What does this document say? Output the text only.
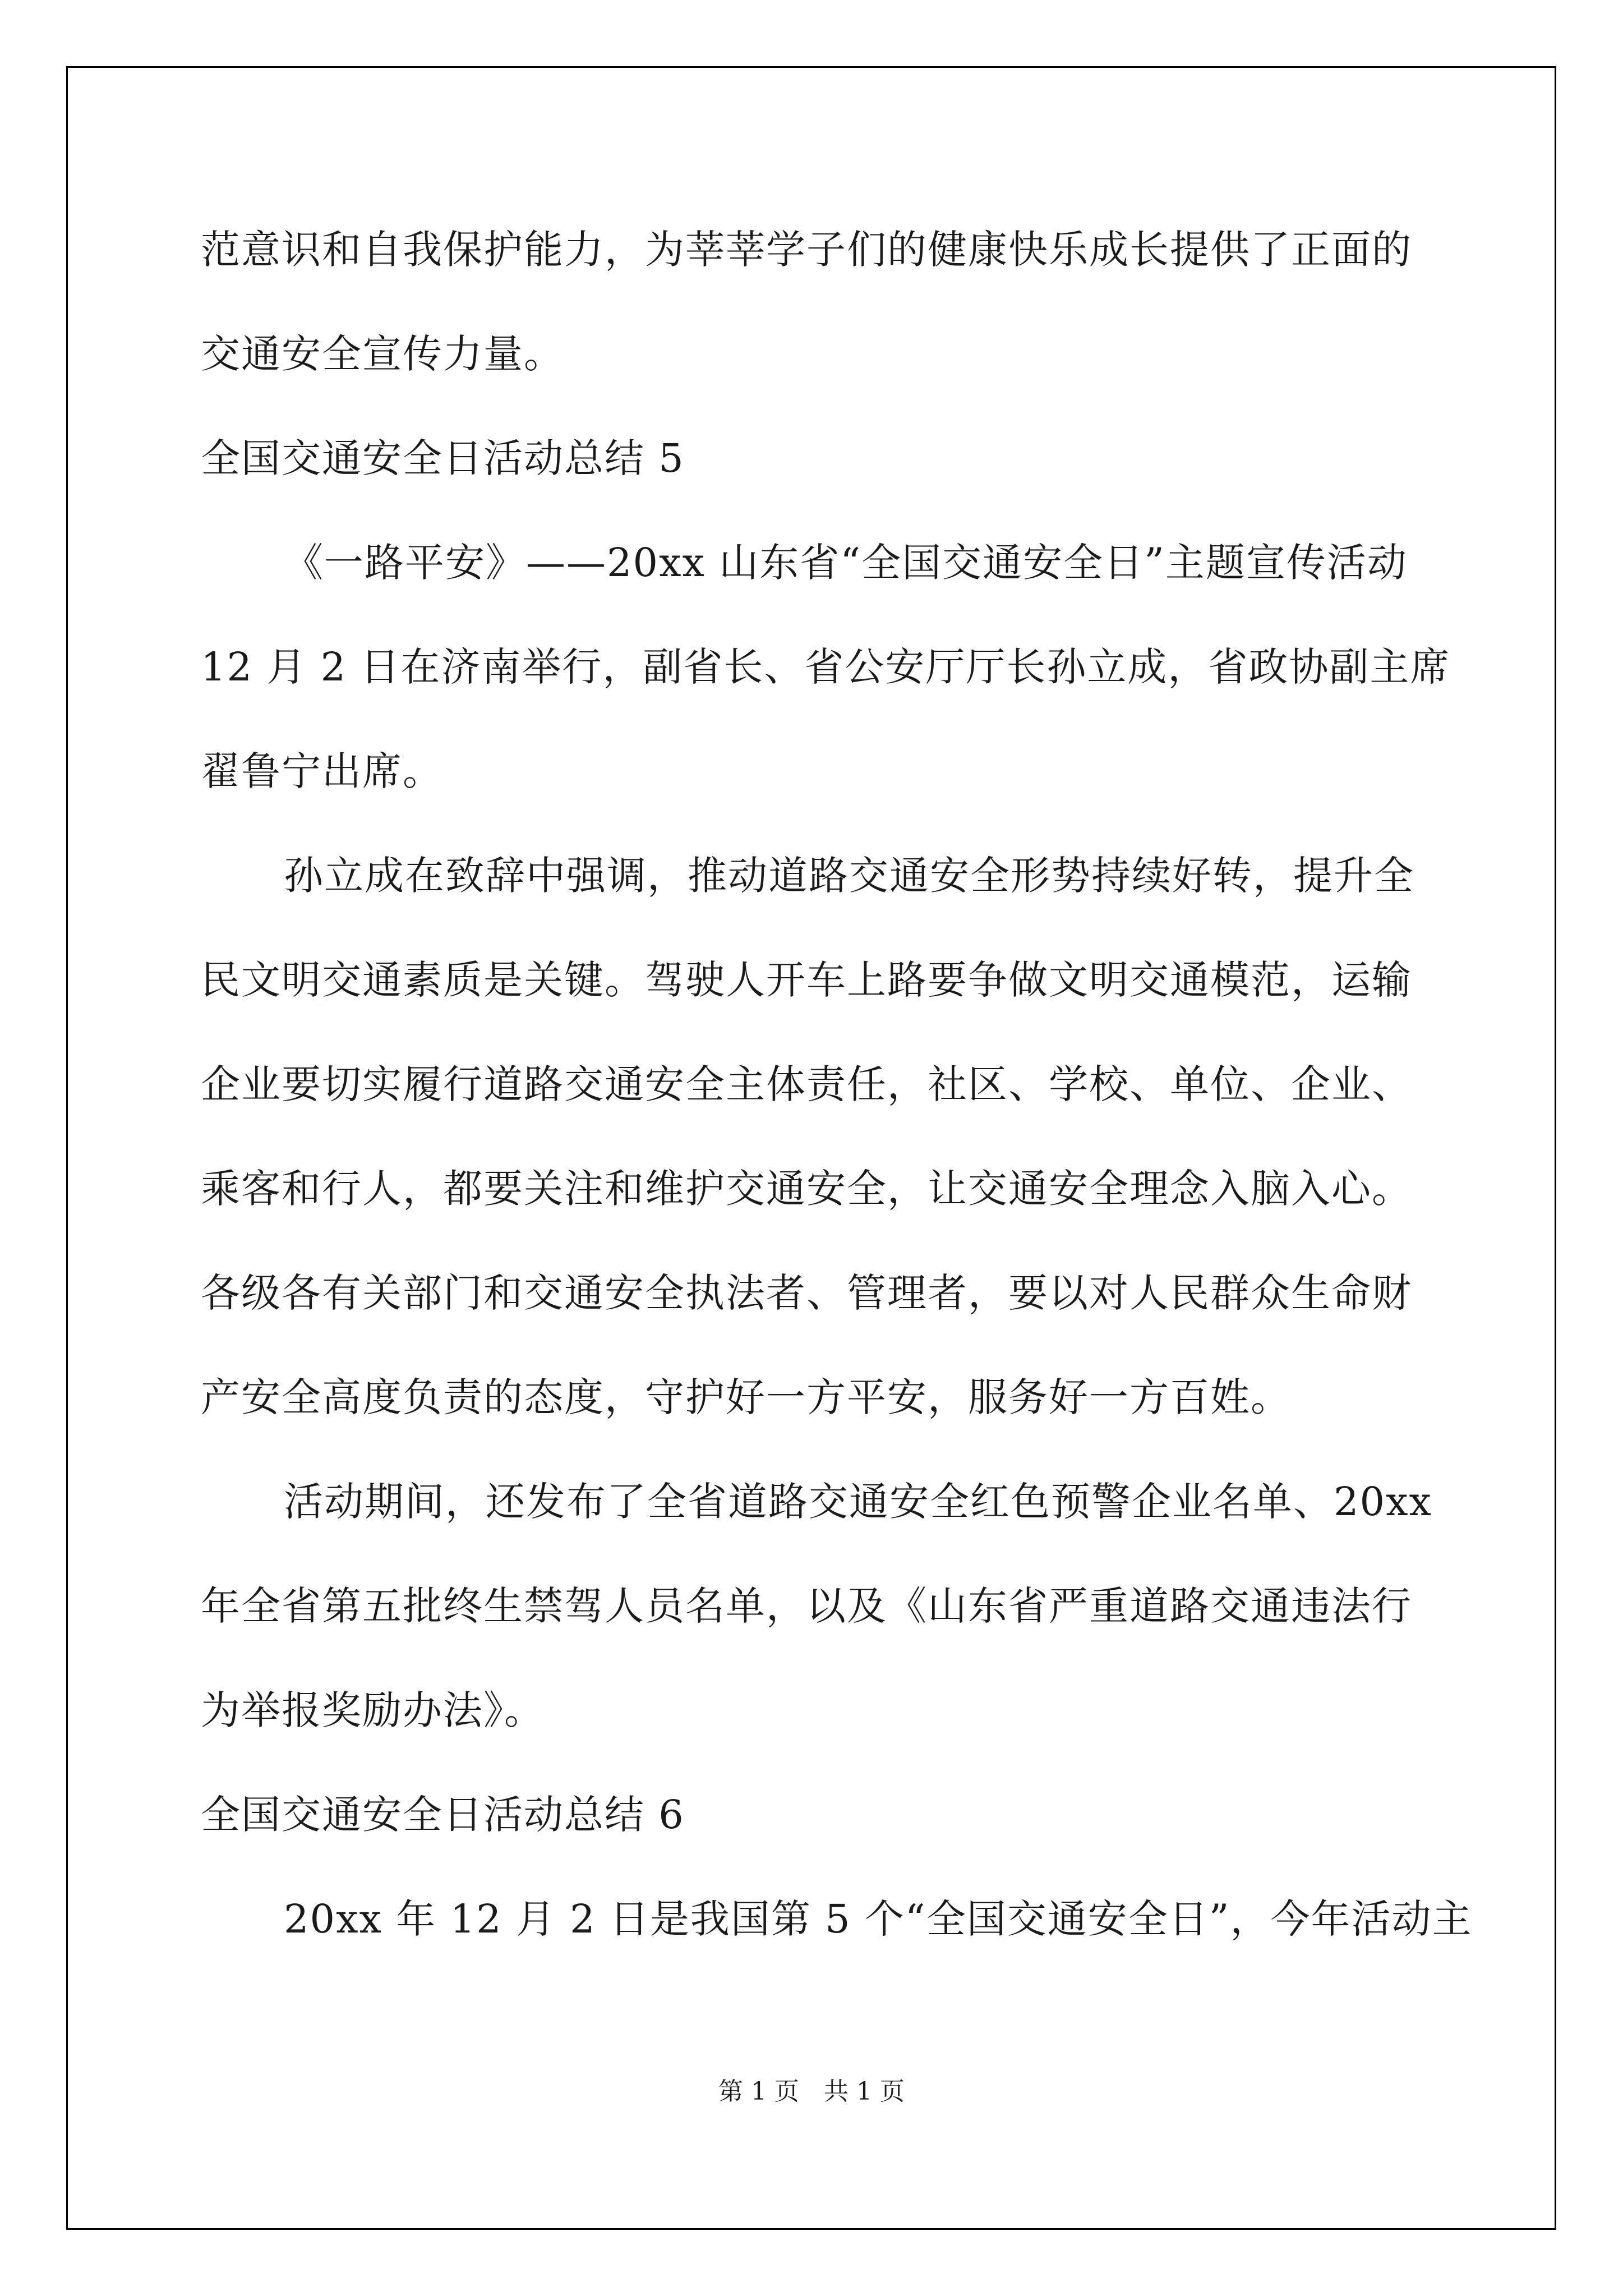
范意识和自我保护能力，为莘莘学子们的健康快乐成长提供了正面的
交通安全宣传力量。
全国交通安全日活动总结 5
《一路平安》——20xx 山东省“全国交通安全日”主题宣传活动
12 月 2 日在济南举行，副省长、省公安厅厅长孙立成，省政协副主席
翟鲁宁出席。
孙立成在致辞中强调，推动道路交通安全形势持续好转，提升全
民文明交通素质是关键。驾驶人开车上路要争做文明交通模范，运输
企业要切实履行道路交通安全主体责任，社区、学校、单位、企业、
乘客和行人，都要关注和维护交通安全，让交通安全理念入脑入心。
各级各有关部门和交通安全执法者、管理者，要以对人民群众生命财
产安全高度负责的态度，守护好一方平安，服务好一方百姓。
活动期间，还发布了全省道路交通安全红色预警企业名单、20xx
年全省第五批终生禁驾人员名单，以及《山东省严重道路交通违法行
为举报奖励办法》。
全国交通安全日活动总结 6
20xx 年 12 月 2 日是我国第 5 个“全国交通安全日”，今年活动主
第 1 页　共 1 页
